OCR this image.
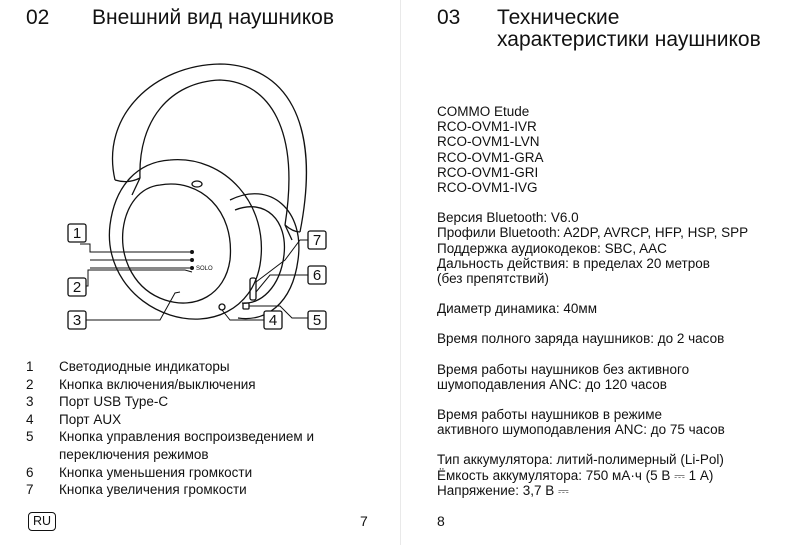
02 Внешний вид наушников
SOLO
1
2
3	4 5
6
7
1	Светодиодные индикаторы
2	Кнопка включения/выключения
3	Порт USB Type-C
4	Порт AUX
5	Кнопка управления воспроизведением и переключения режимов
6	Кнопка уменьшения громкости
7	Кнопка увеличения громкости
RU	7
03 Технические характеристики наушников
COMMO Etude
RCO-OVM1-IVR
RCO-OVM1-LVN
RCO-OVM1-GRA
RCO-OVM1-GRI
RCO-OVM1-IVG
Версия Bluetooth: V6.0
Профили Bluetooth: A2DP, AVRCP, HFP, HSP, SPP
Поддержка аудиокодеков: SBC, AAC
Дальность действия: в пределах 20 метров
(без препятствий)
Диаметр динамика: 40мм
Время полного заряда наушников: до 2 часов
Время работы наушников без активного
шумоподавления ANC: до 120 часов
Время работы наушников в режиме
активного шумоподавления ANC: до 75 часов
Тип аккумулятора: литий-полимерный (Li-Pol)
Ёмкость аккумулятора: 750 мА·ч (5 В ⎓ 1 А)
Напряжение: 3,7 В ⎓
8
